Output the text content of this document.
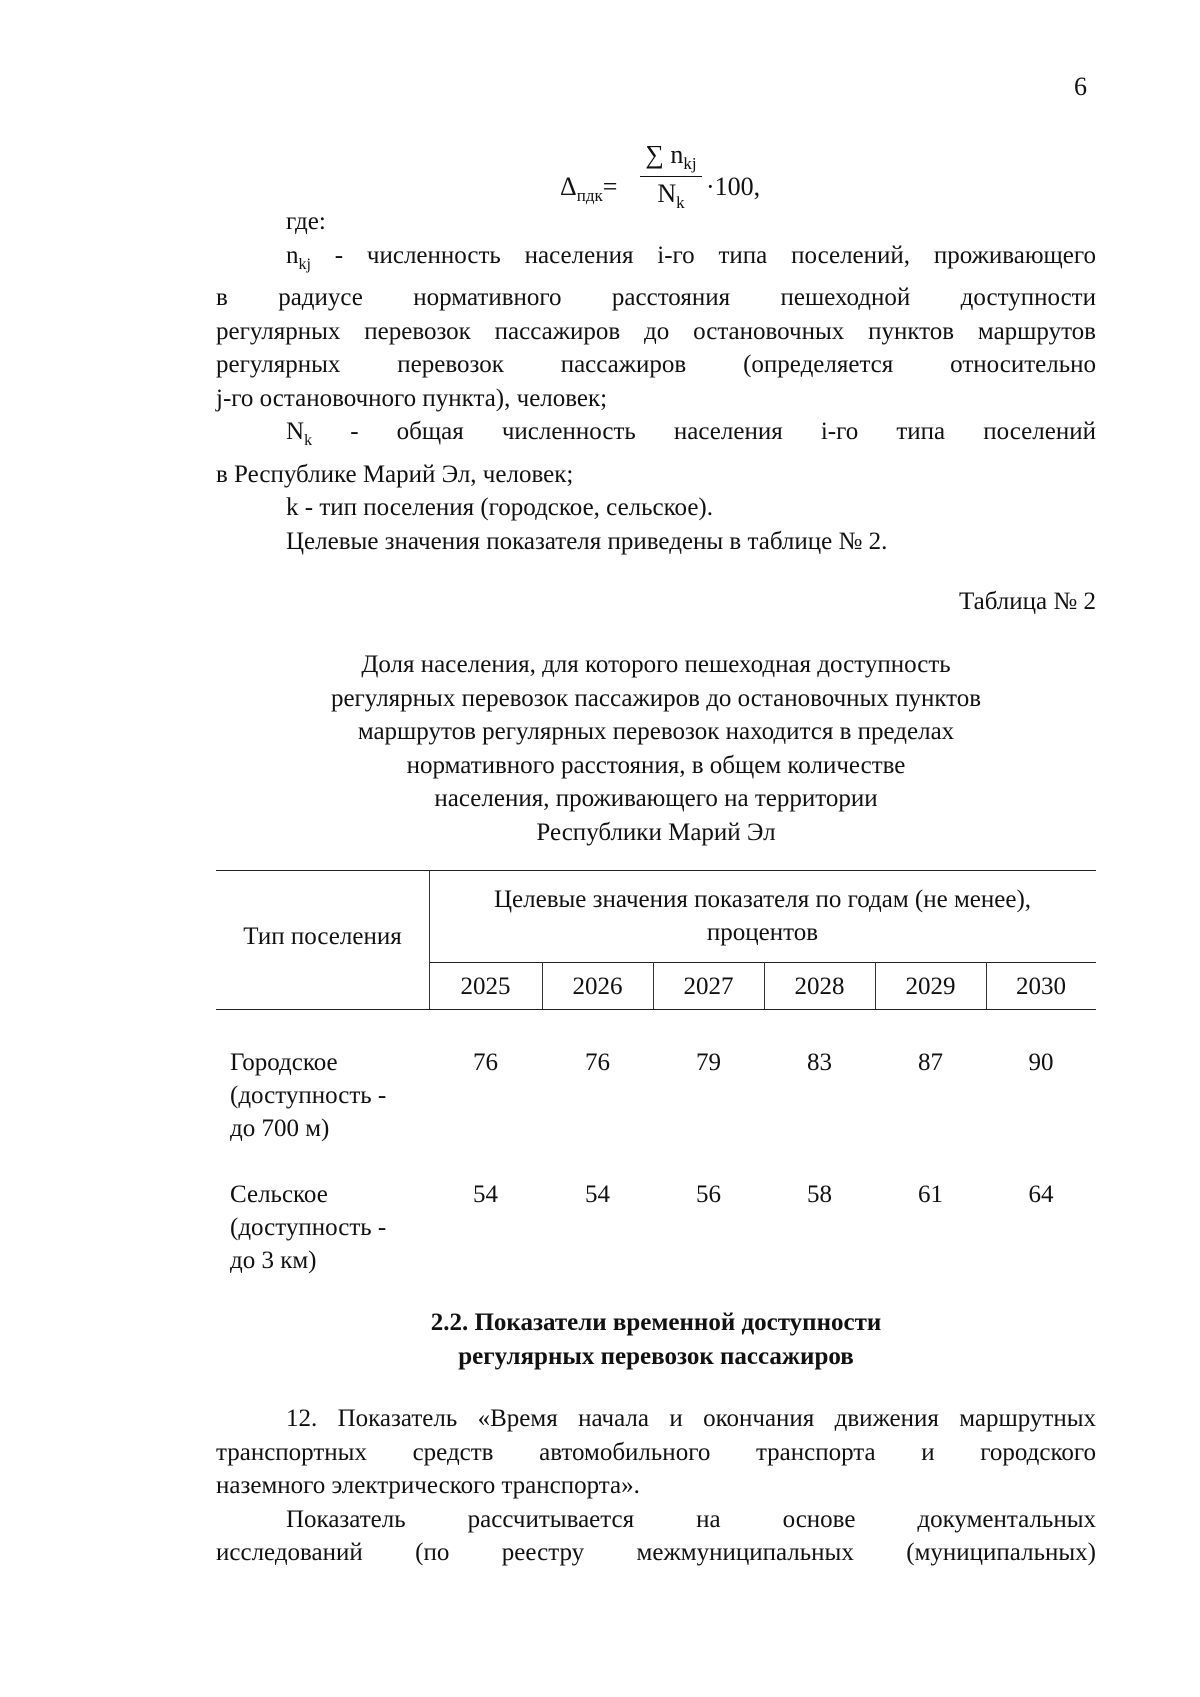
6
$\Delta_{пдк}=$
∑ $n_{kj}$
$N_k$
·100,
где:
$n_{kj}$ - численность населения i-го типа поселений, проживающего
в радиусе нормативного расстояния пешеходной доступности
регулярных перевозок пассажиров до остановочных пунктов маршрутов
регулярных перевозок пассажиров (определяется относительно
j-го остановочного пункта), человек;
$N_k$ - общая численность населения i-го типа поселений
в Республике Марий Эл, человек;
k - тип поселения (городское, сельское).
Целевые значения показателя приведены в таблице № 2.
Таблица № 2
Доля населения, для которого пешеходная доступность
регулярных перевозок пассажиров до остановочных пунктов
маршрутов регулярных перевозок находится в пределах
нормативного расстояния, в общем количестве
населения, проживающего на территории
Республики Марий Эл
Тип поселения
Целевые значения показателя по годам (не менее),
процентов
2025	2026	2027	2028	2029	2030
Городское
(доступность -
до 700 м)
76	76	79	83	87	90
Сельское
(доступность -
до 3 км)
54	54	56	58	61	64
2.2. Показатели временной доступности
регулярных перевозок пассажиров
12. Показатель «Время начала и окончания движения маршрутных
транспортных средств автомобильного транспорта и городского
наземного электрического транспорта».
Показатель рассчитывается на основе документальных
исследований (по реестру межмуниципальных (муниципальных)
